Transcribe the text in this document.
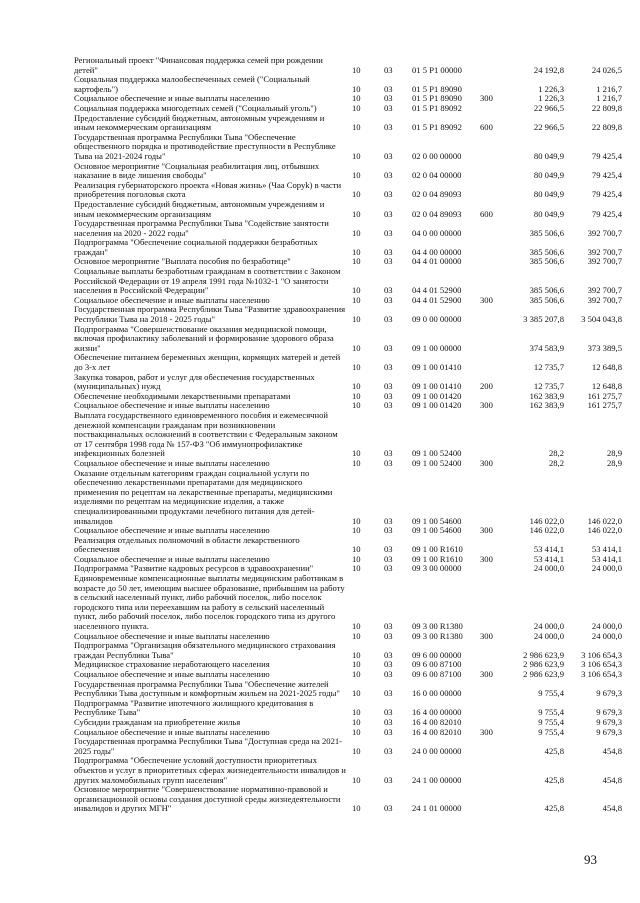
Региональный проект "Финансовая поддержка семей при рождении детей"	10	03	01 5 P1 00000	24 192,8	24 026,5
Социальная поддержка малообеспеченных семей ("Социальный картофель")	10	03	01 5 P1 89090	1 226,3	1 216,7
Социальное обеспечение и иные выплаты населению	10	03	01 5 P1 89090	300	1 226,3	1 216,7
Социальная поддержка многодетных семей ("Социальный уголь")	10	03	01 5 P1 89092	22 966,5	22 809,8
Предоставление субсидий бюджетным, автономным учреждениям и иным некоммерческим организациям	10	03	01 5 P1 89092	600	22 966,5	22 809,8
Государственная программа Республики Тыва "Обеспечение общественного порядка и противодействие преступности в Республике Тыва на 2021-2024 годы"	10	03	02 0 00 00000	80 049,9	79 425,4
Основное мероприятие "Социальная реабилитация лиц, отбывших наказание в виде лишения свободы"	10	03	02 0 04 00000	80 049,9	79 425,4
Реализация губернаторского проекта «Новая жизнь» (Чаа Соруk) в части приобретения поголовья скота	10	03	02 0 04 89093	80 049,9	79 425,4
Предоставление субсидий бюджетным, автономным учреждениям и иным некоммерческим организациям	10	03	02 0 04 89093	600	80 049,9	79 425,4
Государственная программа Республики Тыва "Содействие занятости населения на 2020 - 2022 годы"	10	03	04 0 00 00000	385 506,6	392 700,7
Подпрограмма "Обеспечение социальной поддержки безработных граждан"	10	03	04 4 00 00000	385 506,6	392 700,7
Основное мероприятие "Выплата пособия по безработице"	10	03	04 4 01 00000	385 506,6	392 700,7
Социальные выплаты безработным гражданам в соответствии с Законом Российской Федерации от 19 апреля 1991 года №1032-1 "О занятости населения в Российской Федерации"	10	03	04 4 01 52900	385 506,6	392 700,7
Социальное обеспечение и иные выплаты населению	10	03	04 4 01 52900	300	385 506,6	392 700,7
Государственная программа Республики Тыва "Развитие здравоохранения Республики Тыва на 2018 - 2025 годы"	10	03	09 0 00 00000	3 385 207,8	3 504 043,8
Подпрограмма "Совершенствование оказания медицинской помощи, включая профилактику заболеваний и формирование здорового образа жизни"	10	03	09 1 00 00000	374 583,9	373 389,5
Обеспечение питанием беременных женщин, кормящих матерей и детей до 3-х лет	10	03	09 1 00 01410	12 735,7	12 648,8
Закупка товаров, работ и услуг для обеспечения государственных (муниципальных) нужд	10	03	09 1 00 01410	200	12 735,7	12 648,8
Обеспечение необходимыми лекарственными препаратами	10	03	09 1 00 01420	162 383,9	161 275,7
Социальное обеспечение и иные выплаты населению	10	03	09 1 00 01420	300	162 383,9	161 275,7
Выплата государственного единовременного пособия и ежемесячной денежной компенсации гражданам при возникновении поствакцинальных осложнений в соответствии с Федеральным законом от 17 сентября 1998 года № 157-ФЗ "Об иммунопрофилактике инфекционных болезней	10	03	09 1 00 52400	28,2	28,9
Социальное обеспечение и иные выплаты населению	10	03	09 1 00 52400	300	28,2	28,9
Оказание отдельным категориям граждан социальной услуги по обеспечению лекарственными препаратами для медицинского применения по рецептам на лекарственные препараты, медицинскими изделиями по рецептам на медицинские изделия, а также специализированными продуктами лечебного питания для детей-инвалидов	10	03	09 1 00 54600	146 022,0	146 022,0
Социальное обеспечение и иные выплаты населению	10	03	09 1 00 54600	300	146 022,0	146 022,0
Реализация отдельных полномочий в области лекарственного обеспечения	10	03	09 1 00 R1610	53 414,1	53 414,1
Социальное обеспечение и иные выплаты населению	10	03	09 1 00 R1610	300	53 414,1	53 414,1
Подпрограмма "Развитие кадровых ресурсов в здравоохранении"	10	03	09 3 00 00000	24 000,0	24 000,0
Единовременные компенсационные выплаты медицинским работникам в возрасте до 50 лет, имеющим высшее образование, прибывшим на работу в сельский населенный пункт, либо рабочий поселок, либо поселок городского типа или переехавшим на работу в сельский населенный пункт, либо рабочий поселок, либо поселок городского типа из другого населенного пункта.	10	03	09 3 00 R1380	24 000,0	24 000,0
Социальное обеспечение и иные выплаты населению	10	03	09 3 00 R1380	300	24 000,0	24 000,0
Подпрограмма "Организация обязательного медицинского страхования граждан Республики Тыва"	10	03	09 6 00 00000	2 986 623,9	3 106 654,3
Медицинское страхование неработающего населения	10	03	09 6 00 87100	2 986 623,9	3 106 654,3
Социальное обеспечение и иные выплаты населению	10	03	09 6 00 87100	300	2 986 623,9	3 106 654,3
Государственная программа Республики Тыва "Обеспечение жителей Республики Тыва доступным и комфортным жильем на 2021-2025 годы"	10	03	16 0 00 00000	9 755,4	9 679,3
Подпрограмма "Развитие ипотечного жилищного кредитования в Республике Тыва"	10	03	16 4 00 00000	9 755,4	9 679,3
Субсидии гражданам на приобретение жилья	10	03	16 4 00 82010	9 755,4	9 679,3
Социальное обеспечение и иные выплаты населению	10	03	16 4 00 82010	300	9 755,4	9 679,3
Государственная программа Республики Тыва "Доступная среда на 2021-2025 годы"	10	03	24 0 00 00000	425,8	454,8
Подпрограмма "Обеспечение условий доступности приоритетных объектов и услуг в приоритетных сферах жизнедеятельности инвалидов и других маломобильных групп населения"	10	03	24 1 00 00000	425,8	454,8
Основное мероприятие "Совершенствование нормативно-правовой и организационной основы создания доступной среды жизнедеятельности инвалидов и других МГН"	10	03	24 1 01 00000	425,8	454,8
93
